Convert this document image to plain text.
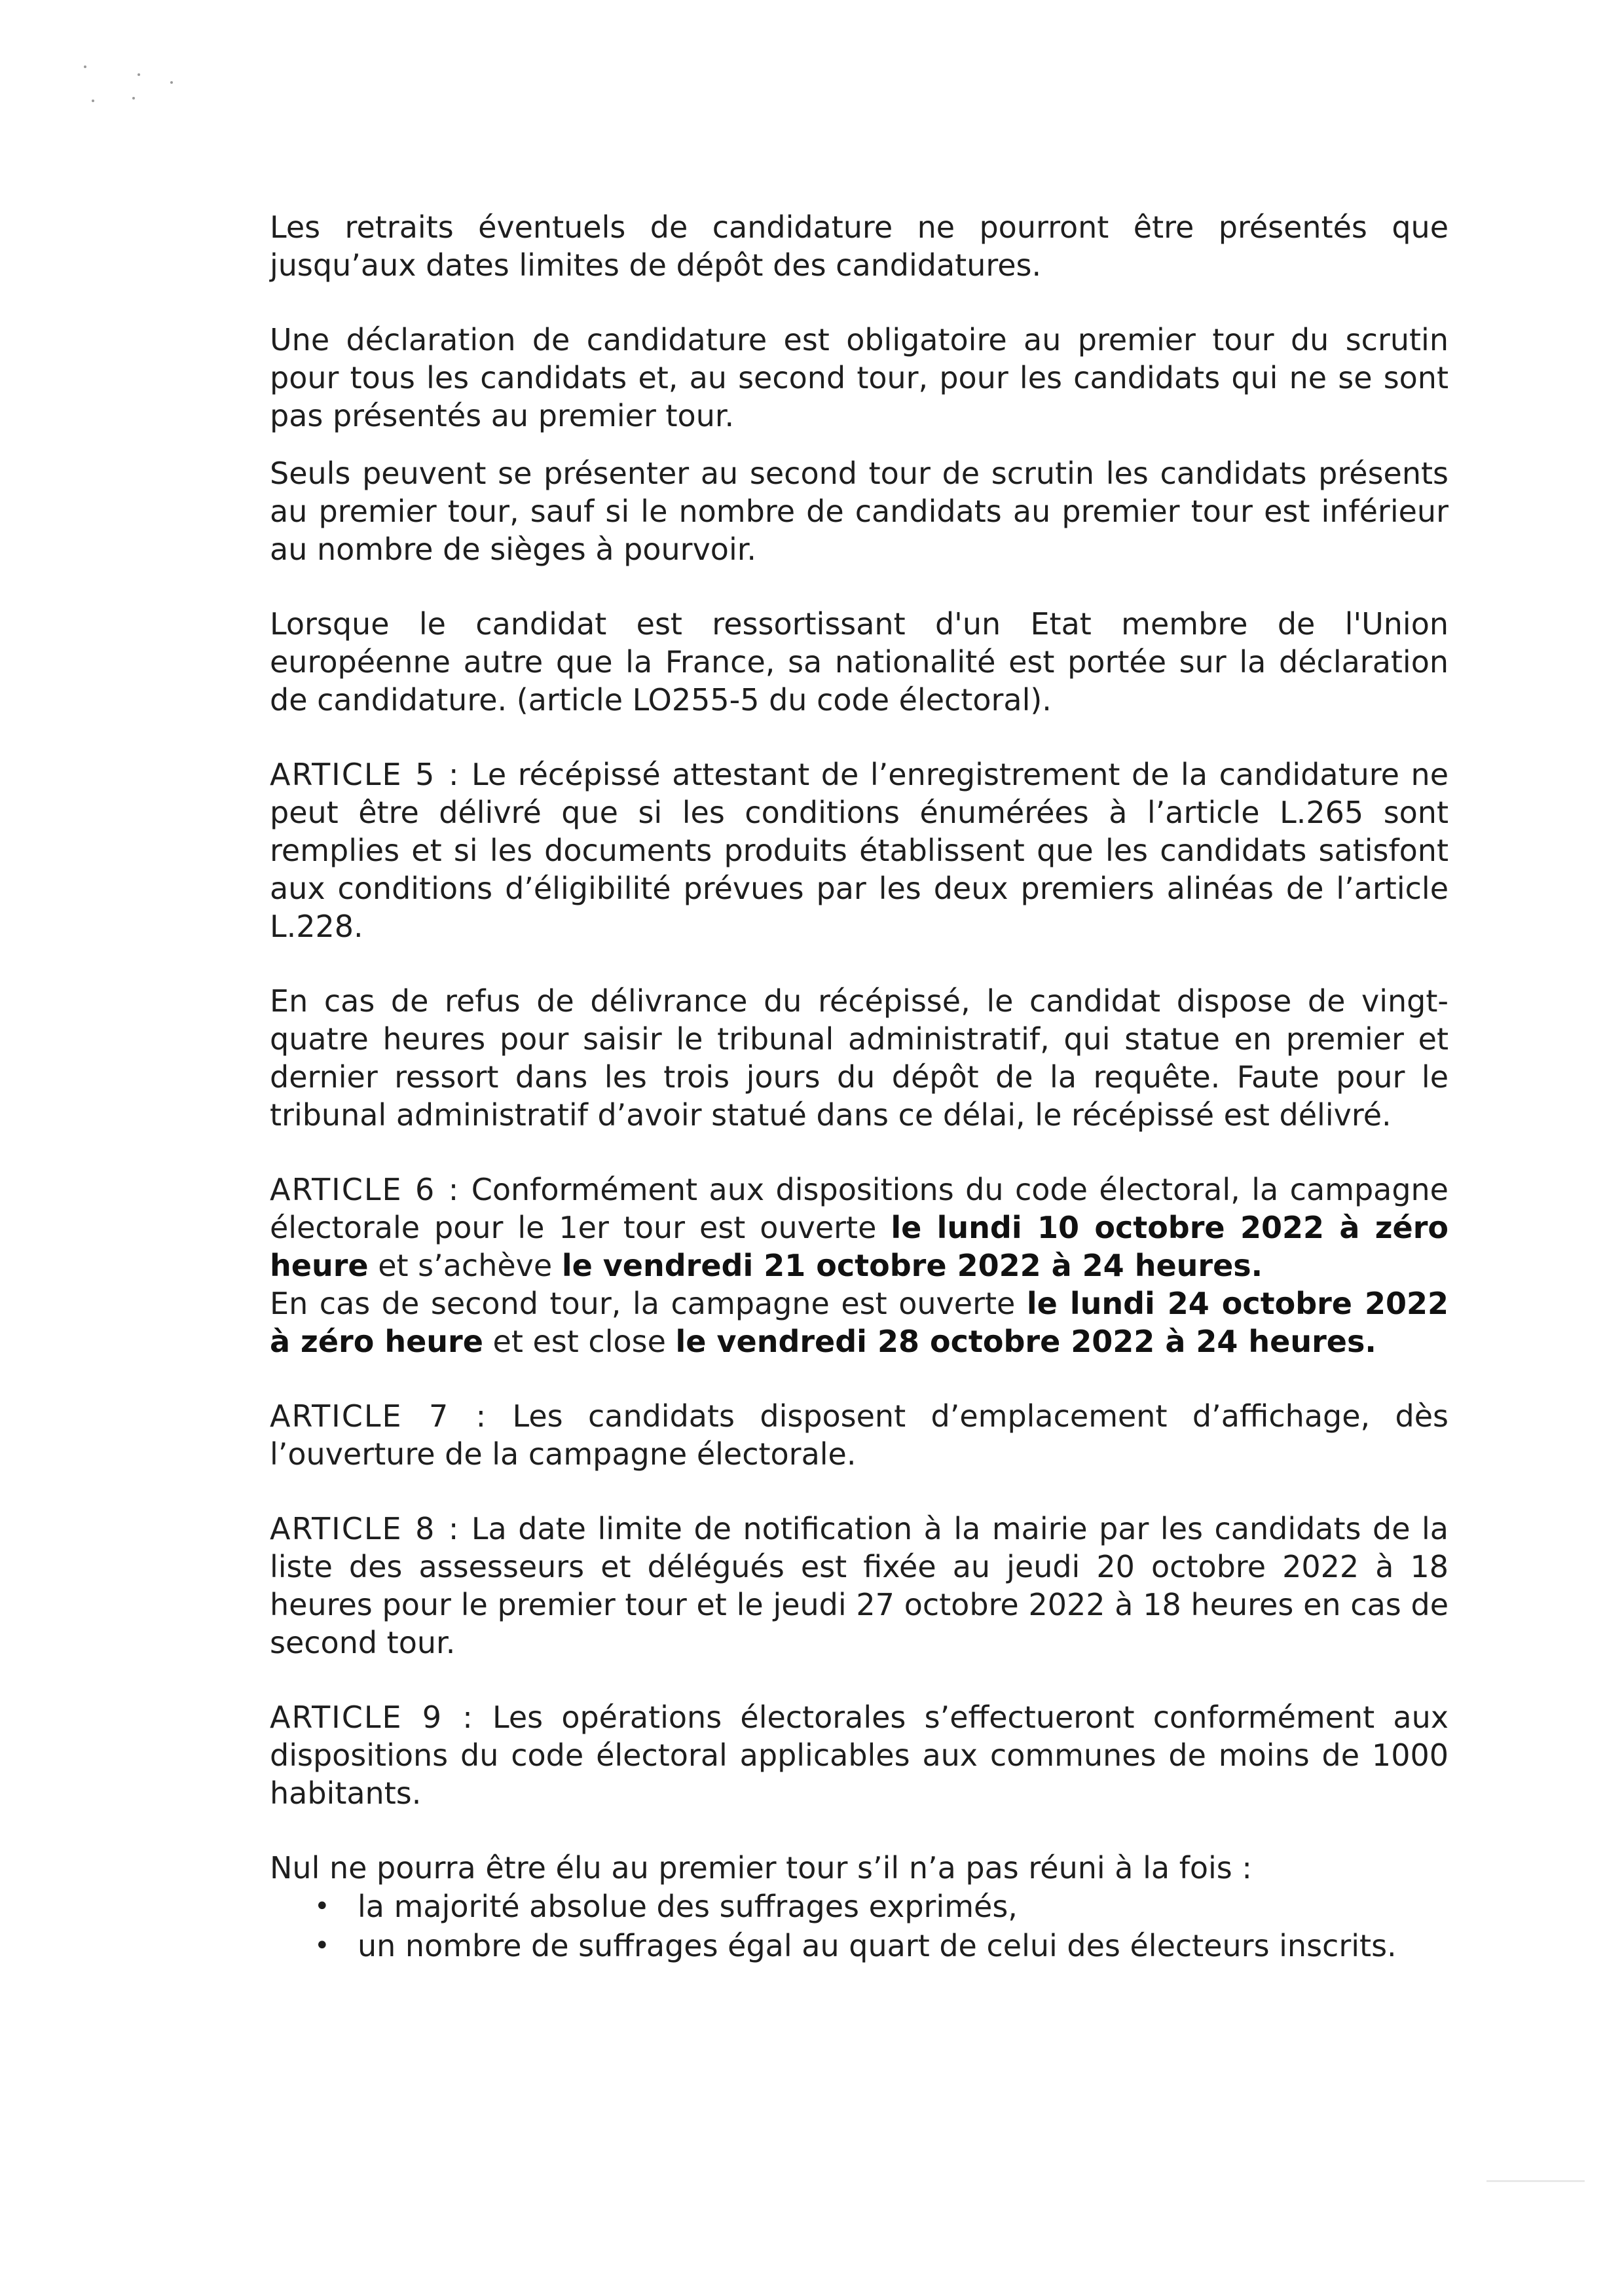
Les retraits éventuels de candidature ne pourront être présentés que jusqu’aux dates limites de dépôt des candidatures.

Une déclaration de candidature est obligatoire au premier tour du scrutin pour tous les candidats et, au second tour, pour les candidats qui ne se sont pas présentés au premier tour.

Seuls peuvent se présenter au second tour de scrutin les candidats présents au premier tour, sauf si le nombre de candidats au premier tour est inférieur au nombre de sièges à pourvoir.

Lorsque le candidat est ressortissant d'un Etat membre de l'Union européenne autre que la France, sa nationalité est portée sur la déclaration de candidature. (article LO255-5 du code électoral).

ARTICLE 5 : Le récépissé attestant de l’enregistrement de la candidature ne peut être délivré que si les conditions énumérées à l’article L.265 sont remplies et si les documents produits établissent que les candidats satisfont aux conditions d’éligibilité prévues par les deux premiers alinéas de l’article L.228.

En cas de refus de délivrance du récépissé, le candidat dispose de vingt-quatre heures pour saisir le tribunal administratif, qui statue en premier et dernier ressort dans les trois jours du dépôt de la requête. Faute pour le tribunal administratif d’avoir statué dans ce délai, le récépissé est délivré.

ARTICLE 6 : Conformément aux dispositions du code électoral, la campagne électorale pour le 1er tour est ouverte le lundi 10 octobre 2022 à zéro heure et s’achève le vendredi 21 octobre 2022 à 24 heures.
En cas de second tour, la campagne est ouverte le lundi 24 octobre 2022 à zéro heure et est close le vendredi 28 octobre 2022 à 24 heures.

ARTICLE 7 : Les candidats disposent d’emplacement d’affichage, dès l’ouverture de la campagne électorale.

ARTICLE 8 : La date limite de notification à la mairie par les candidats de la liste des assesseurs et délégués est fixée au jeudi 20 octobre 2022 à 18 heures pour le premier tour et le jeudi 27 octobre 2022 à 18 heures en cas de second tour.

ARTICLE 9 : Les opérations électorales s’effectueront conformément aux dispositions du code électoral applicables aux communes de moins de 1000 habitants.

Nul ne pourra être élu au premier tour s’il n’a pas réuni à la fois :

• la majorité absolue des suffrages exprimés,
• un nombre de suffrages égal au quart de celui des électeurs inscrits.
